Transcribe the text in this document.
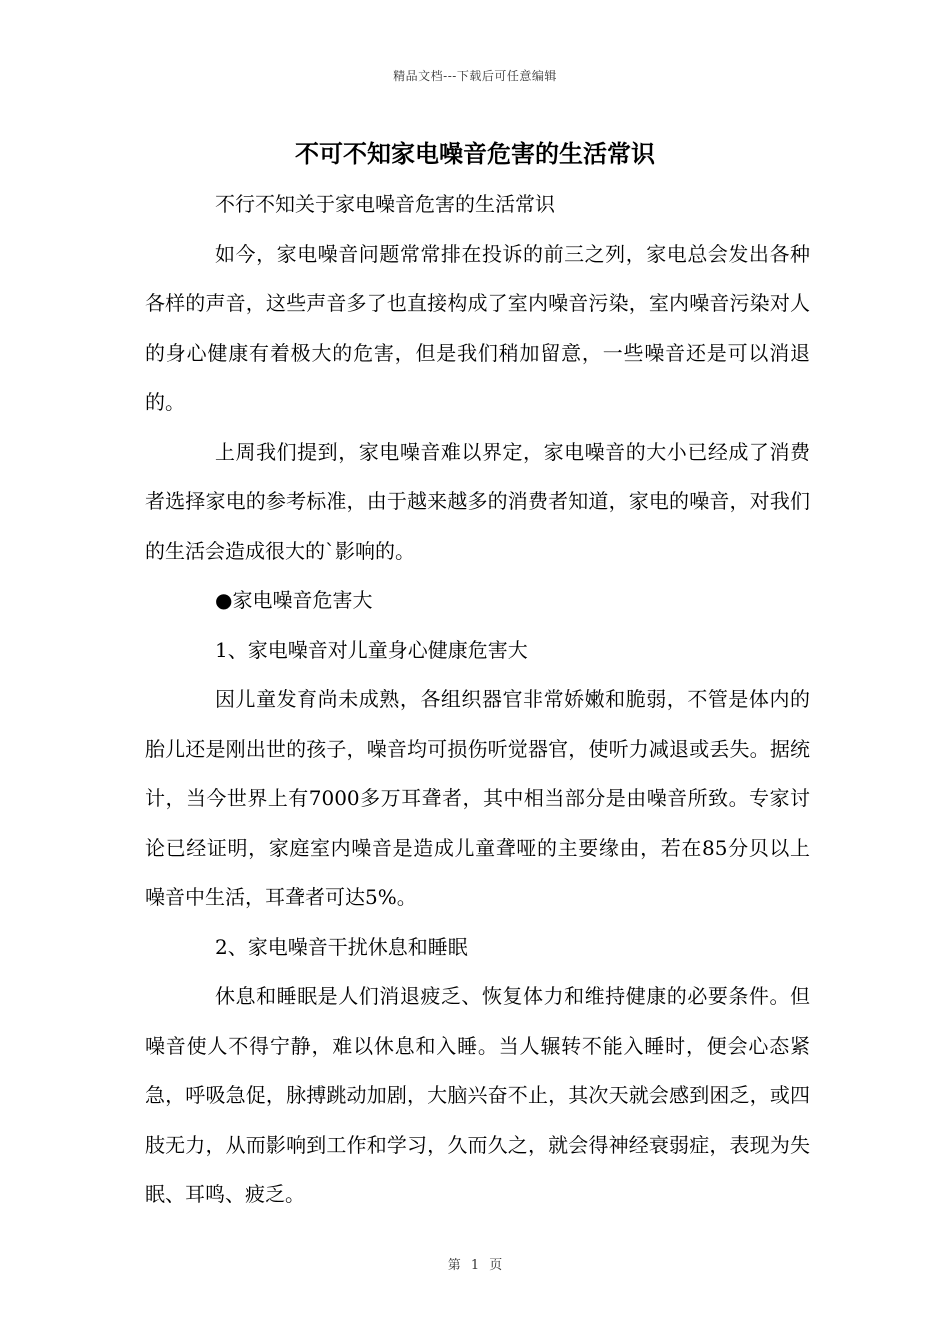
精品文档---下载后可任意编辑
不可不知家电噪音危害的生活常识

不行不知关于家电噪音危害的生活常识

如今，家电噪音问题常常排在投诉的前三之列，家电总会发出各种各样的声音，这些声音多了也直接构成了室内噪音污染，室内噪音污染对人的身心健康有着极大的危害，但是我们稍加留意，一些噪音还是可以消退的。

上周我们提到，家电噪音难以界定，家电噪音的大小已经成了消费者选择家电的参考标准，由于越来越多的消费者知道，家电的噪音，对我们的生活会造成很大的`影响的。

●家电噪音危害大

1、家电噪音对儿童身心健康危害大

因儿童发育尚未成熟，各组织器官非常娇嫩和脆弱，不管是体内的胎儿还是刚出世的孩子，噪音均可损伤听觉器官，使听力减退或丢失。据统计，当今世界上有7000多万耳聋者，其中相当部分是由噪音所致。专家讨论已经证明，家庭室内噪音是造成儿童聋哑的主要缘由，若在85分贝以上噪音中生活，耳聋者可达5%。

2、家电噪音干扰休息和睡眠

休息和睡眠是人们消退疲乏、恢复体力和维持健康的必要条件。但噪音使人不得宁静，难以休息和入睡。当人辗转不能入睡时，便会心态紧急，呼吸急促，脉搏跳动加剧，大脑兴奋不止，其次天就会感到困乏，或四肢无力，从而影响到工作和学习，久而久之，就会得神经衰弱症，表现为失眠、耳鸣、疲乏。

第 1 页
